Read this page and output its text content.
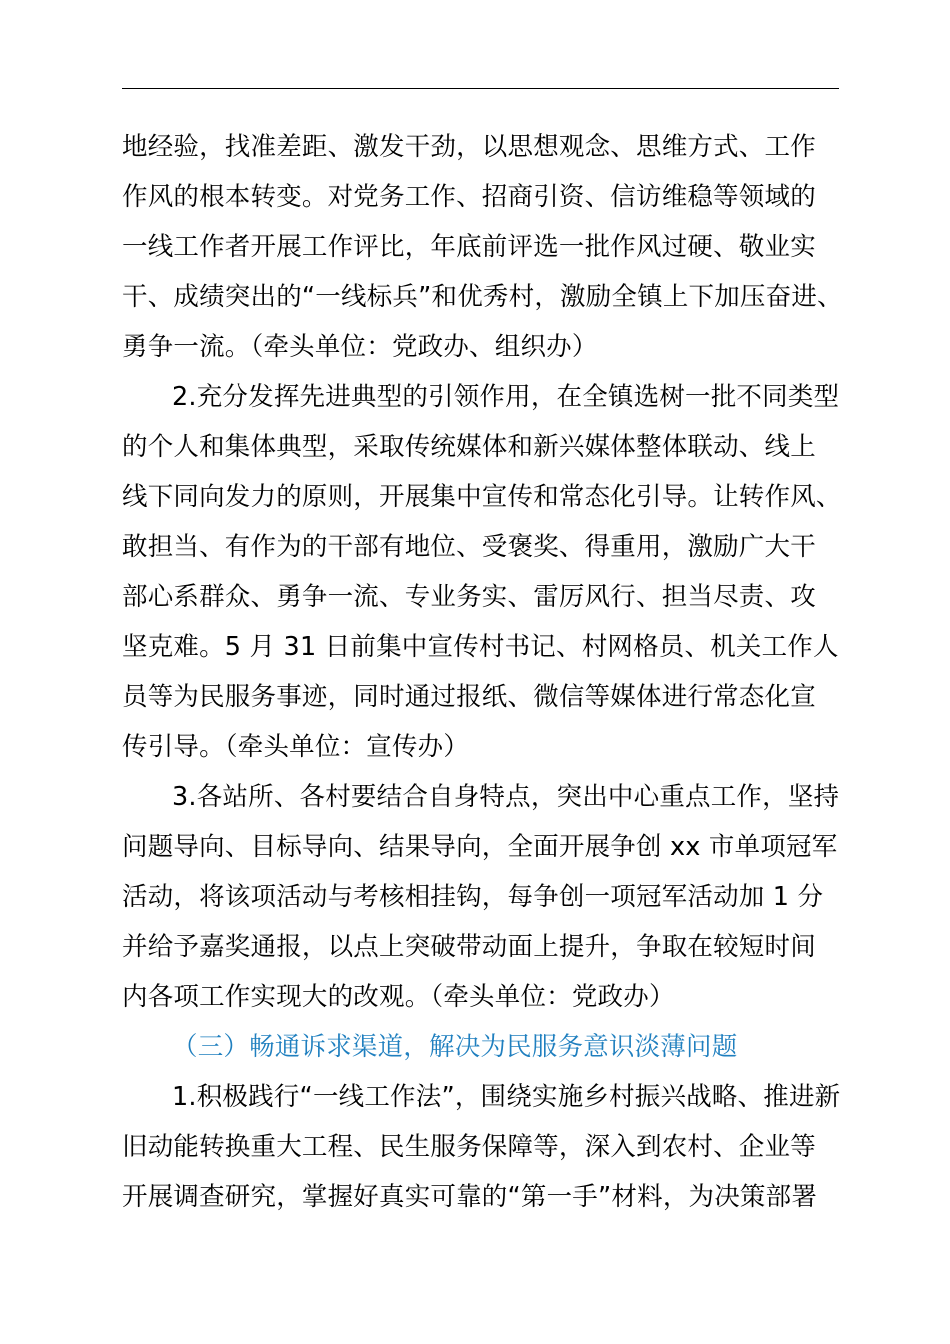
地经验，找准差距、激发干劲，以思想观念、思维方式、工作
作风的根本转变。对党务工作、招商引资、信访维稳等领域的
一线工作者开展工作评比，年底前评选一批作风过硬、敬业实
干、成绩突出的“一线标兵”和优秀村，激励全镇上下加压奋进、
勇争一流。（牵头单位：党政办、组织办）
2.充分发挥先进典型的引领作用，在全镇选树一批不同类型
的个人和集体典型，采取传统媒体和新兴媒体整体联动、线上
线下同向发力的原则，开展集中宣传和常态化引导。让转作风、
敢担当、有作为的干部有地位、受褒奖、得重用，激励广大干
部心系群众、勇争一流、专业务实、雷厉风行、担当尽责、攻
坚克难。5 月 31 日前集中宣传村书记、村网格员、机关工作人
员等为民服务事迹，同时通过报纸、微信等媒体进行常态化宣
传引导。（牵头单位：宣传办）
3.各站所、各村要结合自身特点，突出中心重点工作，坚持
问题导向、目标导向、结果导向，全面开展争创 xx 市单项冠军
活动，将该项活动与考核相挂钩，每争创一项冠军活动加 1 分
并给予嘉奖通报，以点上突破带动面上提升，争取在较短时间
内各项工作实现大的改观。（牵头单位：党政办）
（三）畅通诉求渠道，解决为民服务意识淡薄问题
1.积极践行“一线工作法”，围绕实施乡村振兴战略、推进新
旧动能转换重大工程、民生服务保障等，深入到农村、企业等
开展调查研究，掌握好真实可靠的“第一手”材料，为决策部署
